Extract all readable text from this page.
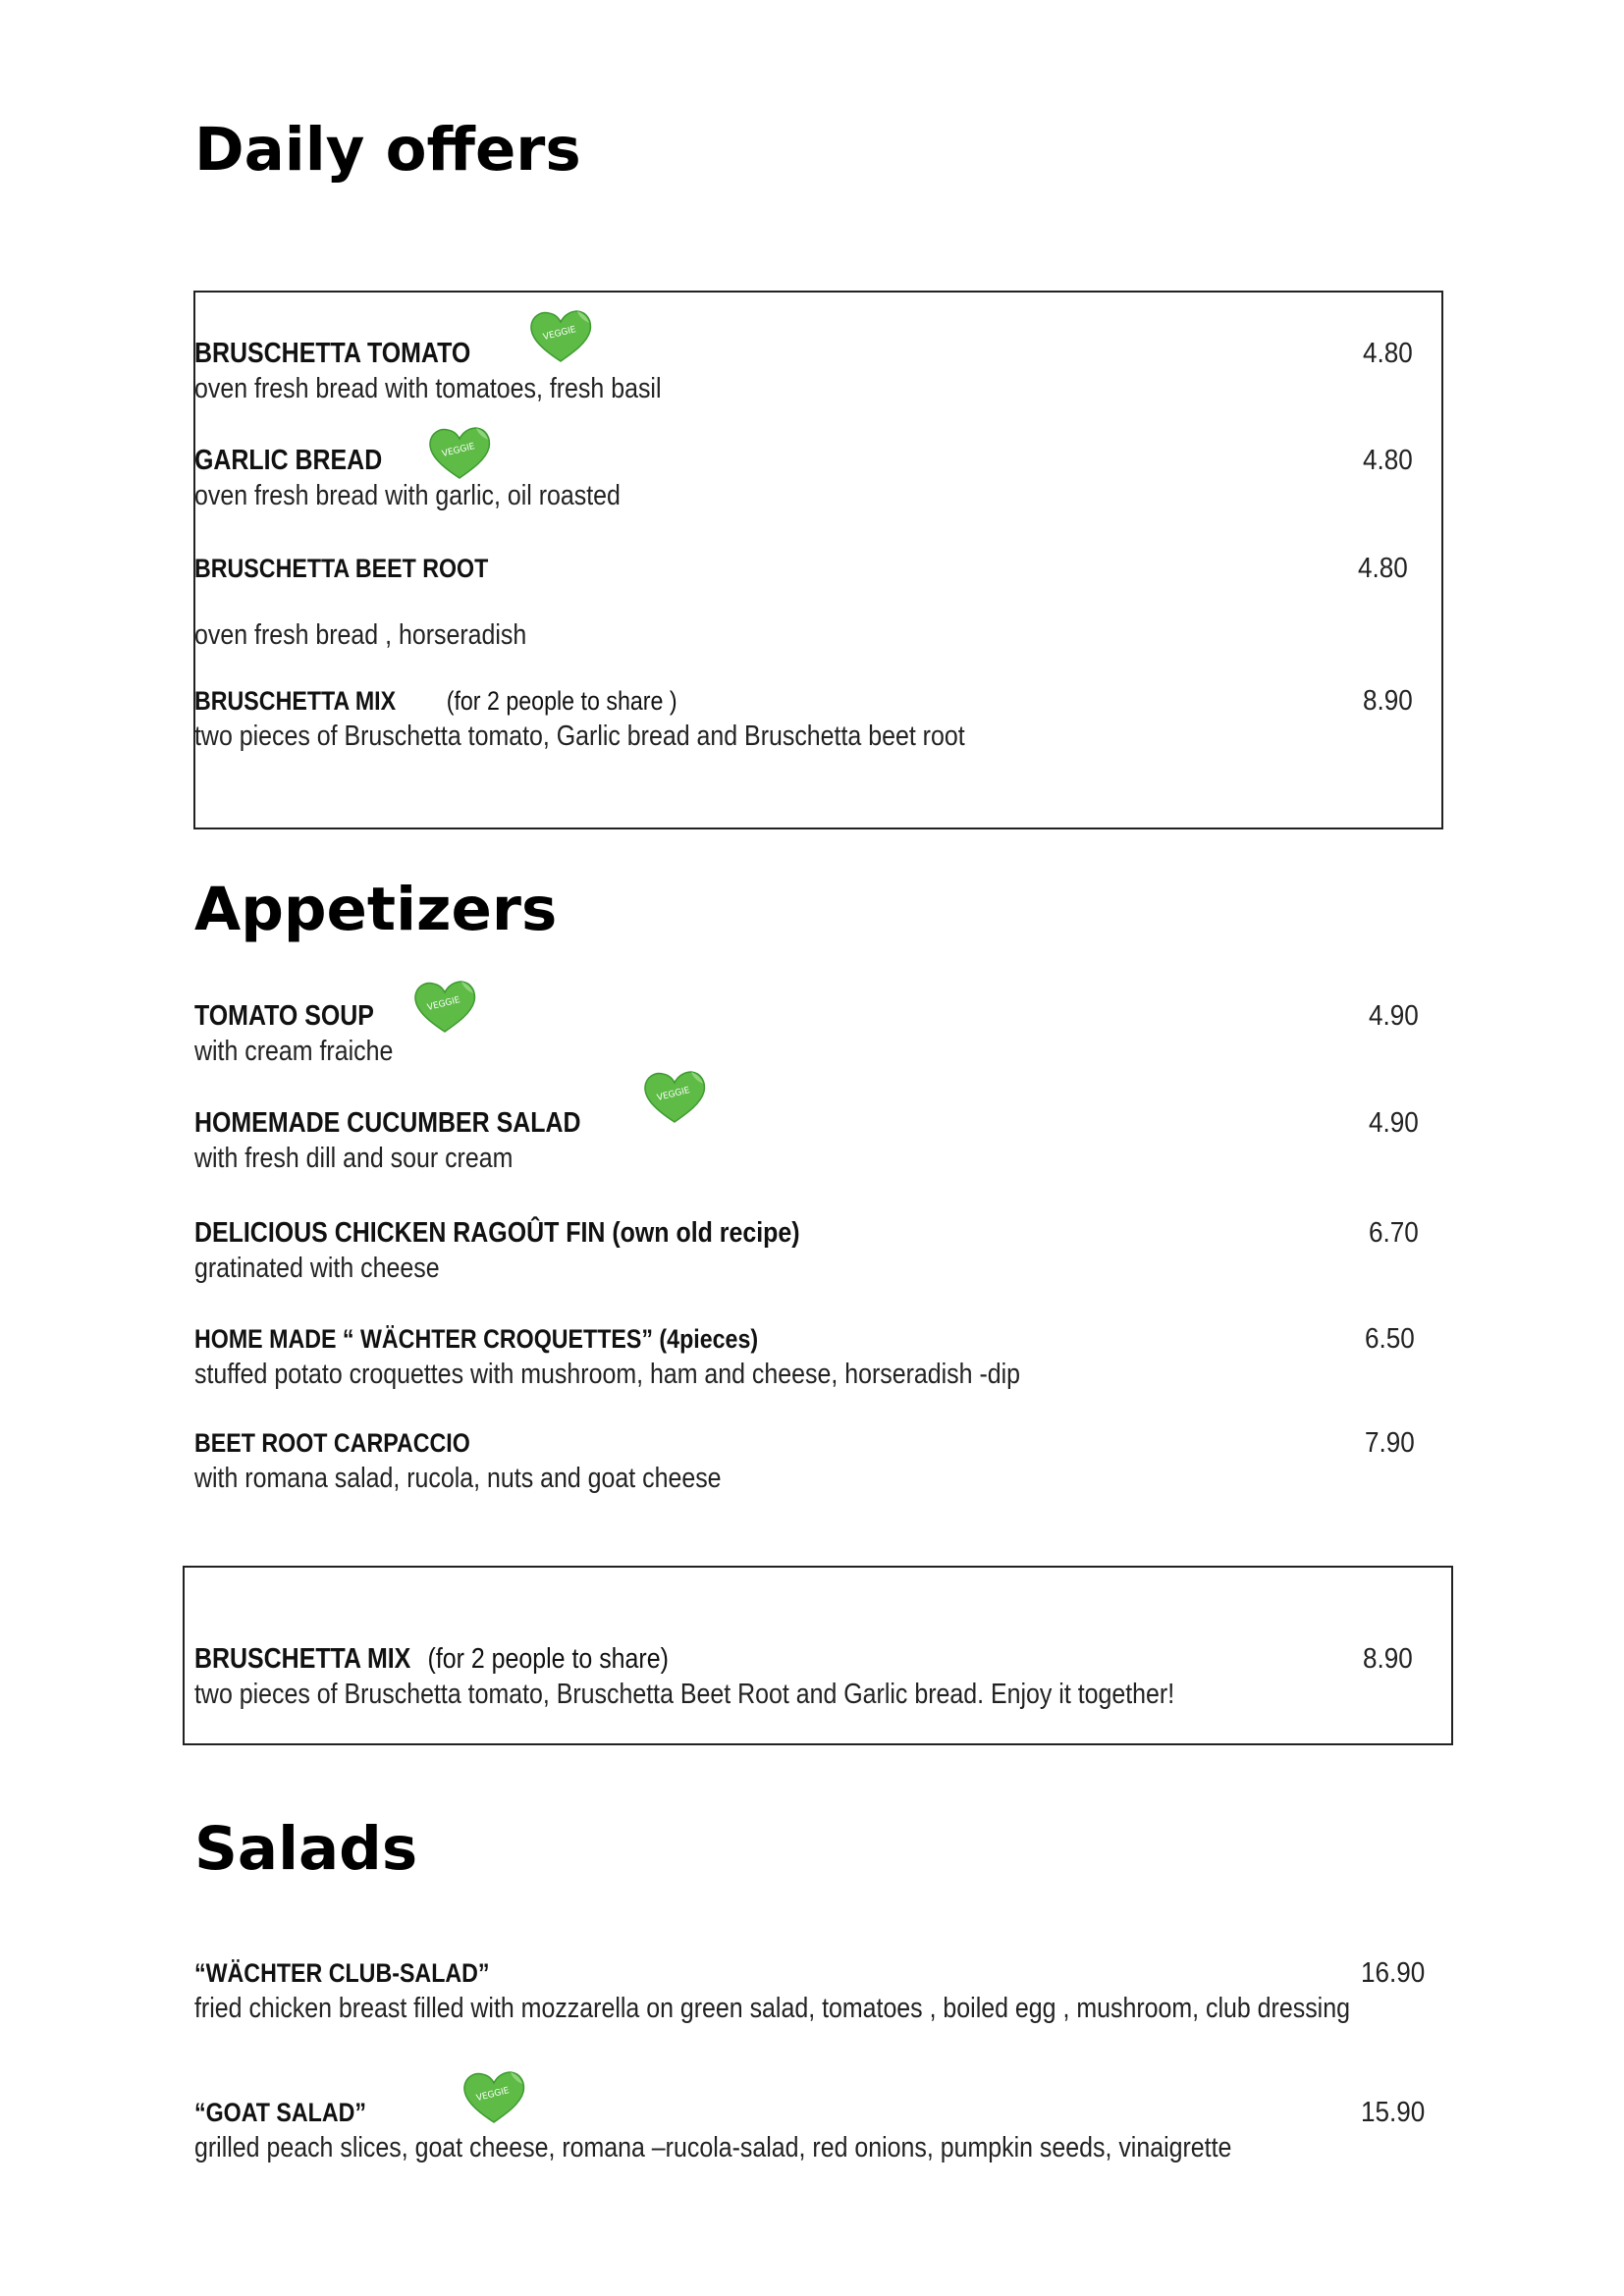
Daily offers
BRUSCHETTA TOMATO	4.80
oven fresh bread with tomatoes, fresh basil
GARLIC BREAD	4.80
oven fresh bread with garlic, oil roasted
BRUSCHETTA BEET ROOT	4.80
oven fresh bread , horseradish
BRUSCHETTA MIX (for 2 people to share )	8.90
two pieces of Bruschetta tomato, Garlic bread and Bruschetta beet root
Appetizers
TOMATO SOUP	4.90
with cream fraiche
HOMEMADE CUCUMBER SALAD	4.90
with fresh dill and sour cream
DELICIOUS CHICKEN RAGOÛT FIN (own old recipe)	6.70
gratinated with cheese
HOME MADE “ WÄCHTER CROQUETTES” (4pieces)	6.50
stuffed potato croquettes with mushroom, ham and cheese, horseradish -dip
BEET ROOT CARPACCIO	7.90
with romana salad, rucola, nuts and goat cheese
BRUSCHETTA MIX (for 2 people to share)	8.90
two pieces of Bruschetta tomato, Bruschetta Beet Root and Garlic bread. Enjoy it together!
Salads
“WÄCHTER CLUB-SALAD”	16.90
fried chicken breast filled with mozzarella on green salad, tomatoes , boiled egg , mushroom, club dressing
“GOAT SALAD”	15.90
grilled peach slices, goat cheese, romana –rucola-salad, red onions, pumpkin seeds, vinaigrette
